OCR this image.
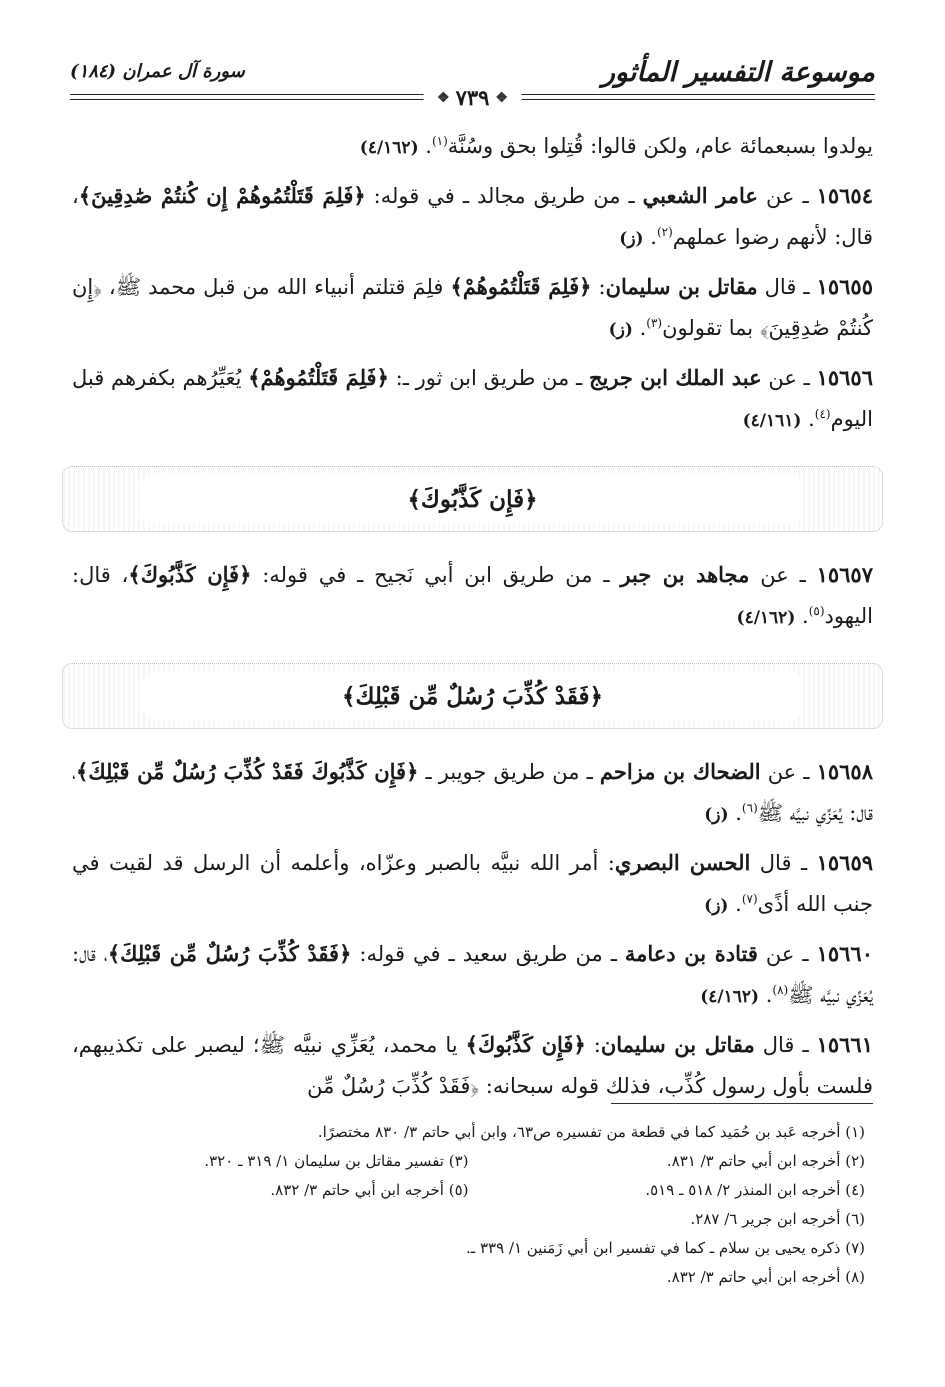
موسوعة التفسير المأثور
سورة آل عمران (١٨٤)
❖
٧٣٩
❖

يولدوا بسبعمائة عام، ولكن قالوا: قُتِلوا بحق وسُنَّة$^{(١)}$. (٤/١٦٢)

١٥٦٥٤ ـ عن عامر الشعبي ـ من طريق مجالد ـ في قوله: ﴿فَلِمَ قَتَلْتُمُوهُمْ إِن كُنتُمْ صَٰدِقِينَ﴾، قال: لأنهم رضوا عملهم$^{(٢)}$. (ز)

١٥٦٥٥ ـ قال مقاتل بن سليمان: ﴿فَلِمَ قَتَلْتُمُوهُمْ﴾ فلِمَ قتلتم أنبياء الله من قبل محمد ﷺ، ﴿إِن كُنتُمْ صَٰدِقِينَ﴾ بما تقولون$^{(٣)}$. (ز)

١٥٦٥٦ ـ عن عبد الملك ابن جريج ـ من طريق ابن ثور ـ: ﴿فَلِمَ قَتَلْتُمُوهُمْ﴾ يُعَيِّرُهم بكفرهم قبل اليوم$^{(٤)}$. (٤/١٦١)

﴿فَإِن كَذَّبُوكَ﴾

١٥٦٥٧ ـ عن مجاهد بن جبر ـ من طريق ابن أبي نَجيح ـ في قوله: ﴿فَإِن كَذَّبُوكَ﴾، قال: اليهود$^{(٥)}$. (٤/١٦٢)

﴿فَقَدْ كُذِّبَ رُسُلٌ مِّن قَبْلِكَ﴾

١٥٦٥٨ ـ عن الضحاك بن مزاحم ـ من طريق جويبر ـ ﴿فَإِن كَذَّبُوكَ فَقَدْ كُذِّبَ رُسُلٌ مِّن قَبْلِكَ﴾، قال: يُعَزِّي نبيَّه ﷺ$^{(٦)}$. (ز)

١٥٦٥٩ ـ قال الحسن البصري: أمر الله نبيَّه بالصبر وعزّاه، وأعلمه أن الرسل قد لقيت في جنب الله أذًى$^{(٧)}$. (ز)

١٥٦٦٠ ـ عن قتادة بن دعامة ـ من طريق سعيد ـ في قوله: ﴿فَقَدْ كُذِّبَ رُسُلٌ مِّن قَبْلِكَ﴾، قال: يُعَزِّي نبيَّه ﷺ$^{(٨)}$. (٤/١٦٢)

١٥٦٦١ ـ قال مقاتل بن سليمان: ﴿فَإِن كَذَّبُوكَ﴾ يا محمد، يُعَزِّي نبيَّه ﷺ؛ ليصبر على تكذيبهم، فلست بأول رسول كُذِّب، فذلك قوله سبحانه: ﴿فَقَدْ كُذِّبَ رُسُلٌ مِّن

(١) أخرجه عَبد بن حُمَيد كما في قطعة من تفسيره ص٦٣، وابن أبي حاتم ٣/ ٨٣٠ مختصرًا.
(٢) أخرجه ابن أبي حاتم ٣/ ٨٣١.
(٣) تفسير مقاتل بن سليمان ١/ ٣١٩ ـ ٣٢٠.
(٤) أخرجه ابن المنذر ٢/ ٥١٨ ـ ٥١٩.
(٥) أخرجه ابن أبي حاتم ٣/ ٨٣٢.
(٦) أخرجه ابن جرير ٦/ ٢٨٧.
(٧) ذكره يحيى بن سلام ـ كما في تفسير ابن أبي زَمَنين ١/ ٣٣٩ ـ.
(٨) أخرجه ابن أبي حاتم ٣/ ٨٣٢.
